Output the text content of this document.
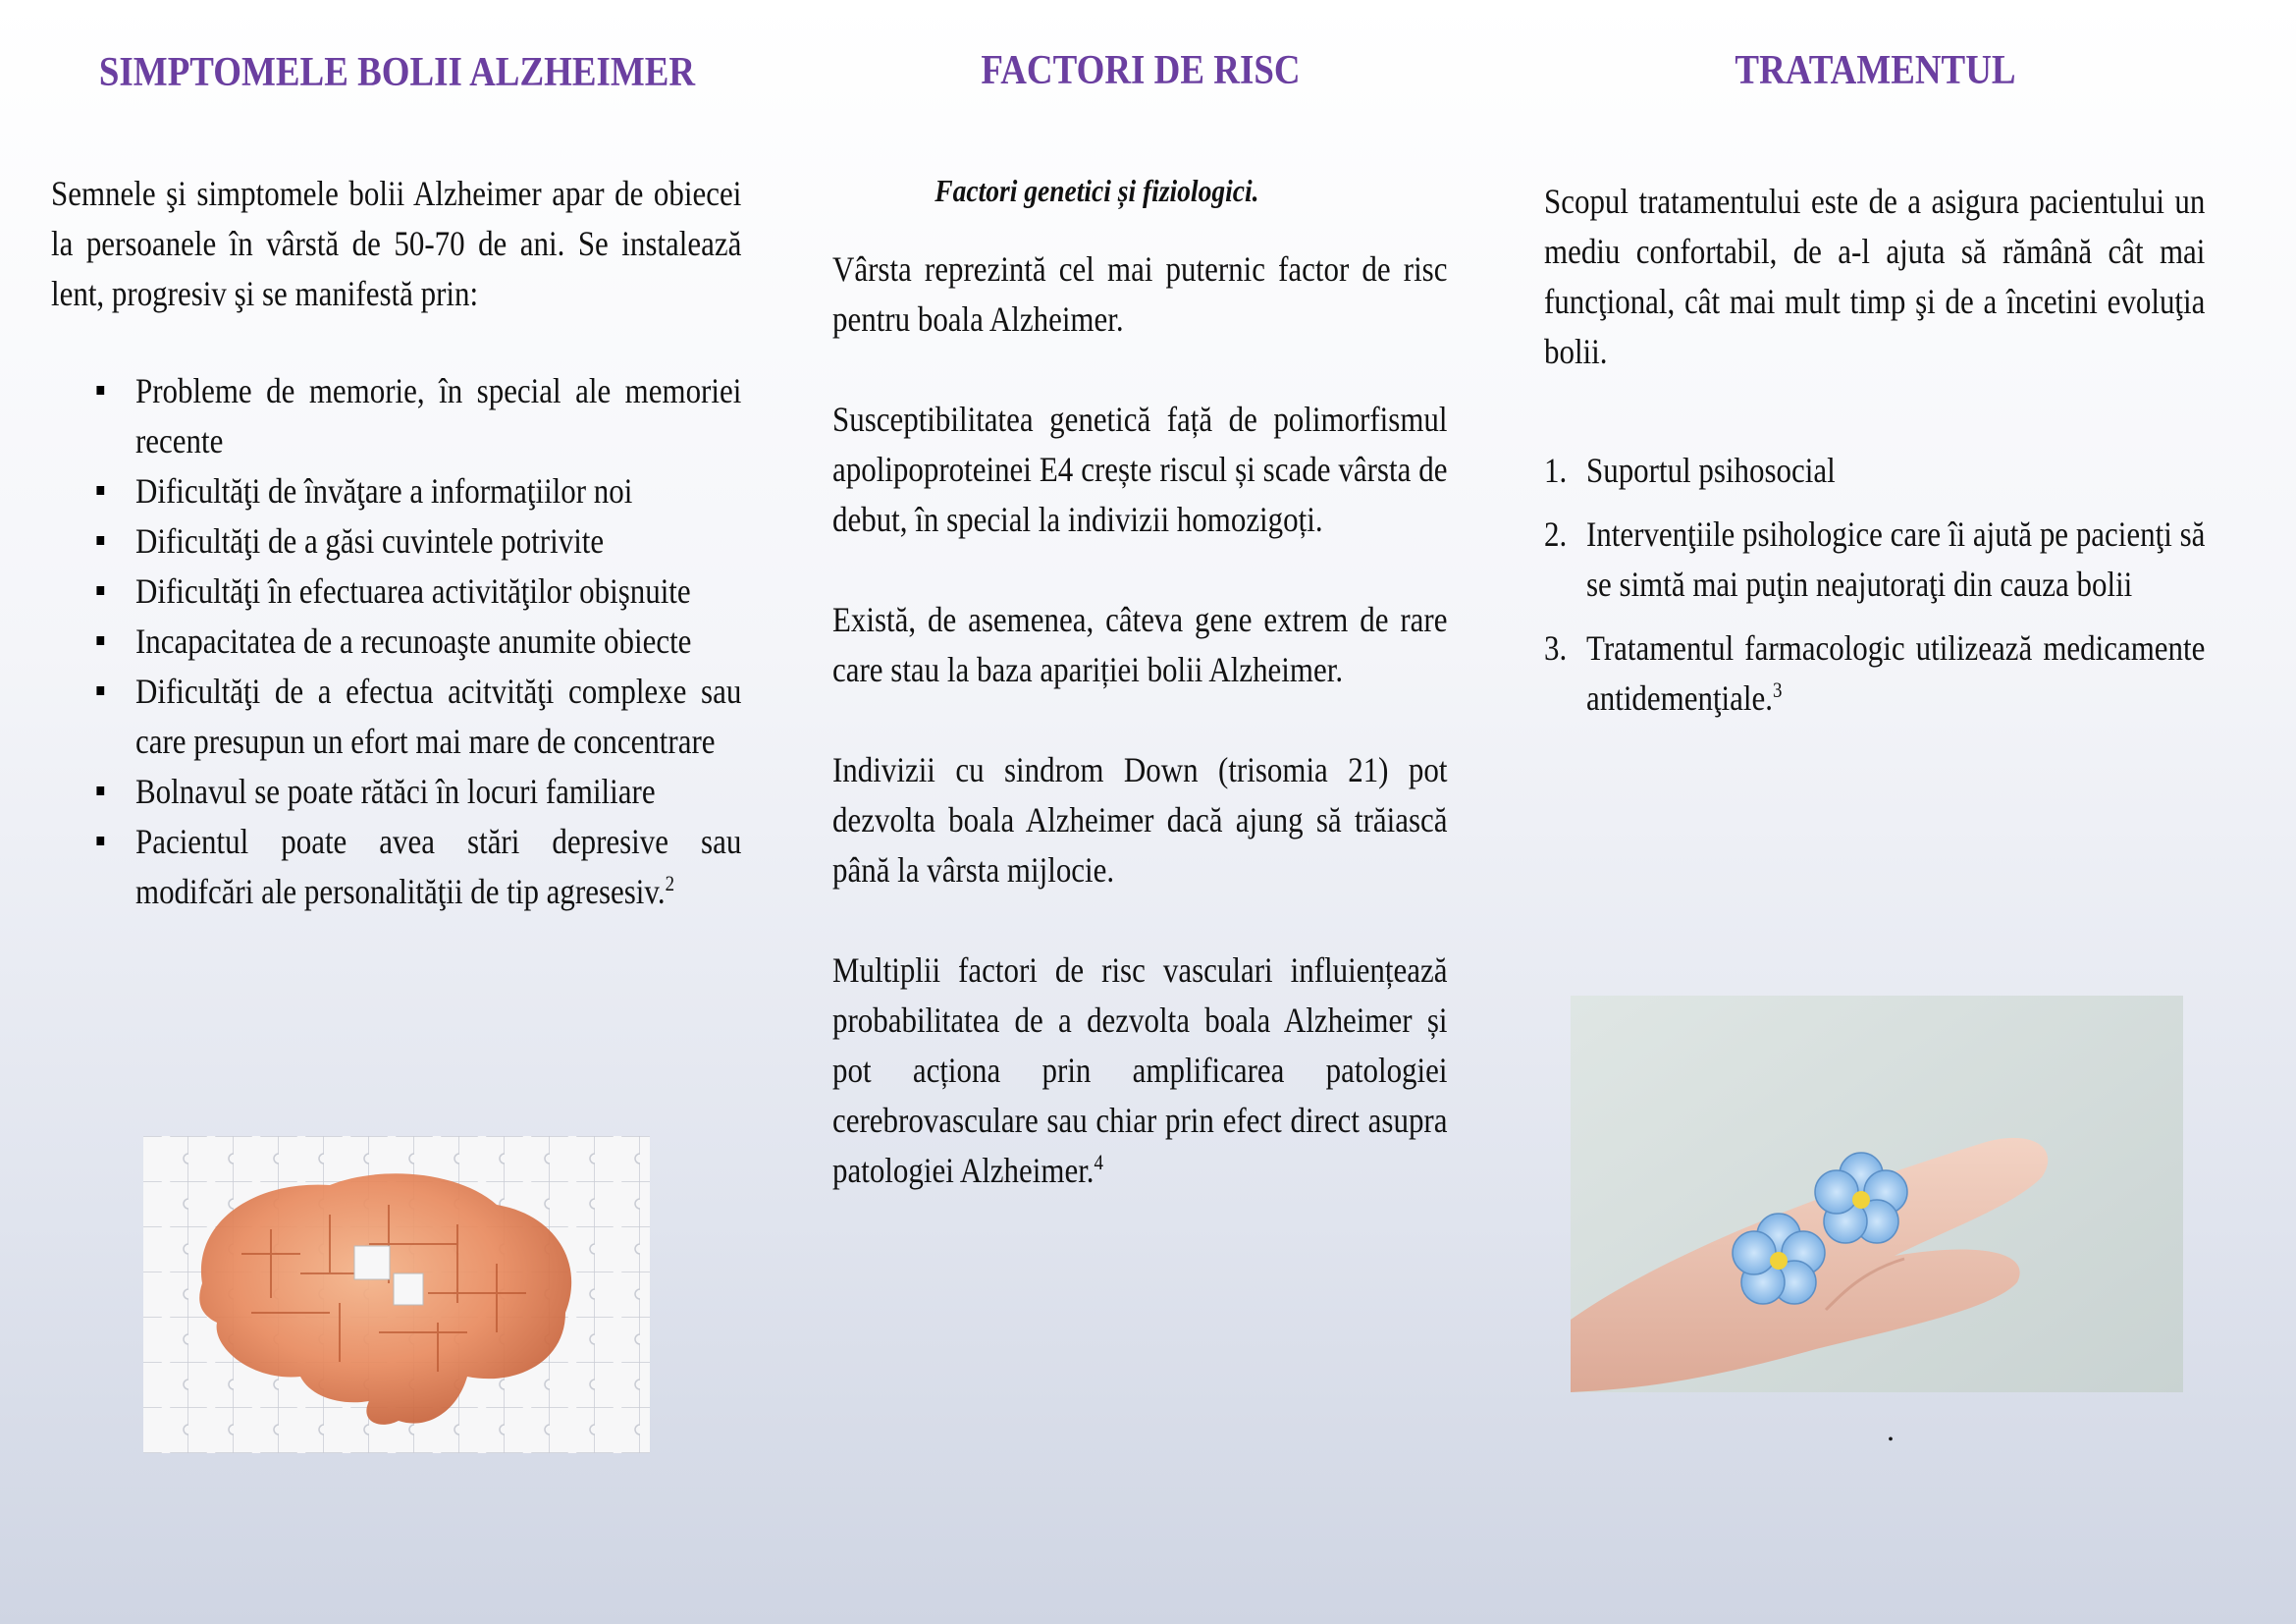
SIMPTOMELE BOLII ALZHEIMER

Semnele şi simptomele bolii Alzheimer apar de obiecei la persoanele în vârstă de 50-70 de ani. Se instalează lent, progresiv şi se manifestă prin:

Probleme de memorie, în special ale memoriei recente
Dificultăţi de învăţare a informaţiilor noi
Dificultăţi de a găsi cuvintele potrivite
Dificultăţi în efectuarea activităţilor obişnuite
Incapacitatea de a recunoaşte anumite obiecte
Dificultăţi de a efectua acitvităţi complexe sau care presupun un efort mai mare de concentrare
Bolnavul se poate rătăci în locuri familiare
Pacientul poate avea stări depresive sau modifcări ale personalităţii de tip agresesiv.$^2$
FACTORI DE RISC

Factori genetici și fiziologici.

Vârsta reprezintă cel mai puternic factor de risc pentru boala Alzheimer.

Susceptibilitatea genetică față de polimorfismul apolipoproteinei E4 crește riscul și scade vârsta de debut, în special la indivizii homozigoți.

Există, de asemenea, câteva gene extrem de rare care stau la baza apariției bolii Alzheimer.

Indivizii cu sindrom Down (trisomia 21) pot dezvolta boala Alzheimer dacă ajung să trăiască până la vârsta mijlocie.

Multiplii factori de risc vasculari influiențează probabilitatea de a dezvolta boala Alzheimer și pot acționa prin amplificarea patologiei cerebrovasculare sau chiar prin efect direct asupra patologiei Alzheimer.$^4$

TRATAMENTUL

Scopul tratamentului este de a asigura pacientului un mediu confortabil, de a-l ajuta să rămână cât mai funcţional, cât mai mult timp şi de a încetini evoluţia bolii.

1. Suportul psihosocial
2. Intervenţiile psihologice care îi ajută pe pacienţi să se simtă mai puţin neajutoraţi din cauza bolii
3. Tratamentul farmacologic utilizează medicamente antidemenţiale.$^3$
.
